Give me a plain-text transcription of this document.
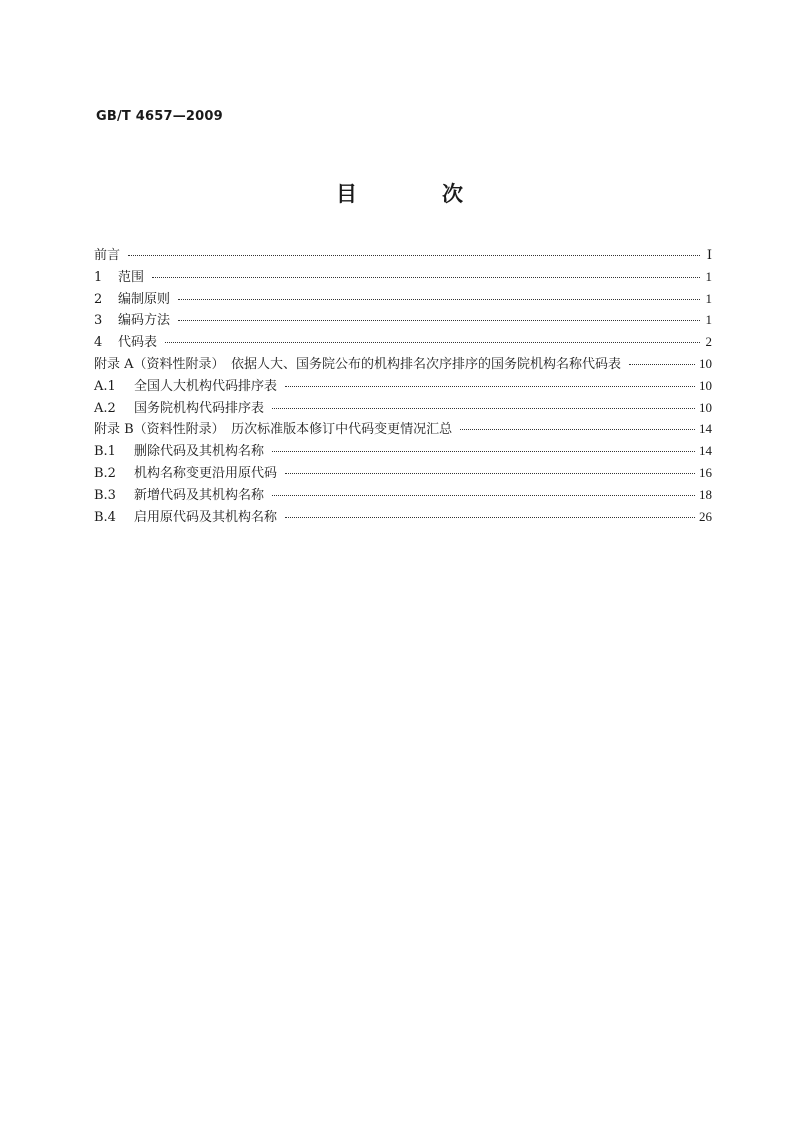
GB/T 4657—2009
目　次
前言	Ⅰ
1	范围	1
2	编制原则	1
3	编码方法	1
4	代码表	2
附录 A（资料性附录）　依据人大、国务院公布的机构排名次序排序的国务院机构名称代码表	10
A.1	全国人大机构代码排序表	10
A.2	国务院机构代码排序表	10
附录 B（资料性附录）　历次标准版本修订中代码变更情况汇总	14
B.1	删除代码及其机构名称	14
B.2	机构名称变更沿用原代码	16
B.3	新增代码及其机构名称	18
B.4	启用原代码及其机构名称	26
